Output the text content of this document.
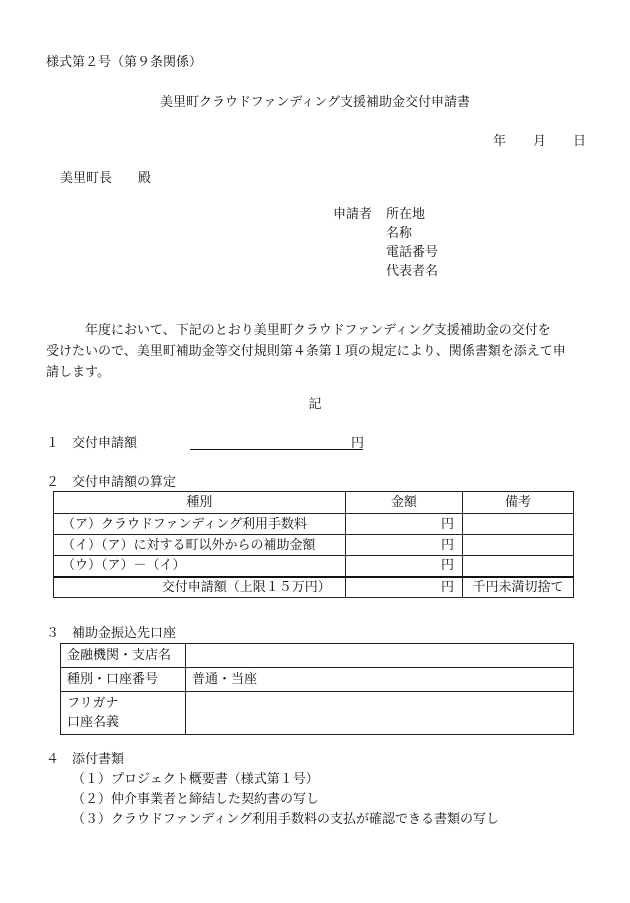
様式第２号（第９条関係）
美里町クラウドファンディング支援補助金交付申請書
年 月 日
美里町長 殿
申請者 所在地
名称
電話番号
代表者名
　　　年度において、下記のとおり美里町クラウドファンディング支援補助金の交付を
受けたいので、美里町補助金等交付規則第４条第１項の規定により、関係書類を添えて申
請します。
記
１ 交付申請額	円
２ 交付申請額の算定
種別	金額	備考
（ア）クラウドファンディング利用手数料	円	
（イ）（ア）に対する町以外からの補助金額	円	
（ウ）（ア）－（イ）	円	
交付申請額（上限１５万円）	円	千円未満切捨て
３ 補助金振込先口座
金融機関・支店名	
種別・口座番号	普通・当座

フリガナ
口座名義	

４ 添付書類
（１）プロジェクト概要書（様式第１号）
（２）仲介事業者と締結した契約書の写し
（３）クラウドファンディング利用手数料の支払が確認できる書類の写し
